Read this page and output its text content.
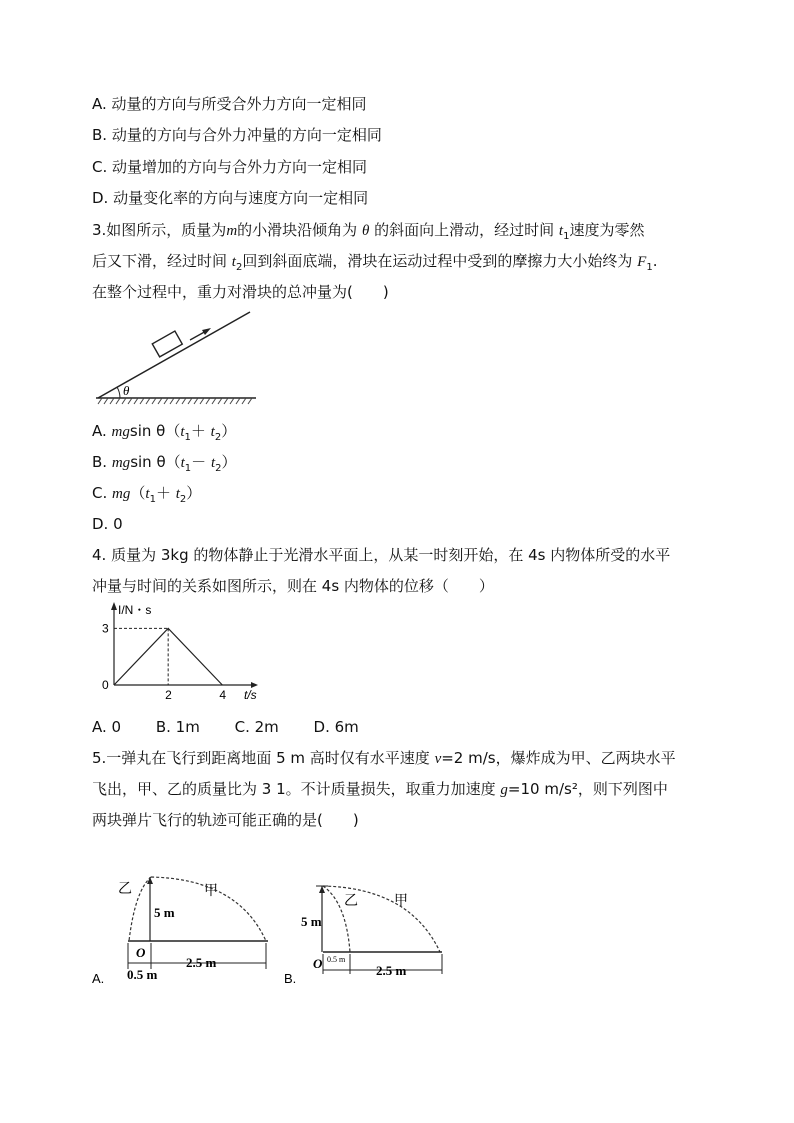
A. 动量的方向与所受合外力方向一定相同
B. 动量的方向与合外力冲量的方向一定相同
C. 动量增加的方向与合外力方向一定相同
D. 动量变化率的方向与速度方向一定相同
3.如图所示，质量为m的小滑块沿倾角为 θ 的斜面向上滑动，经过时间 $t_1$速度为零然
后又下滑，经过时间 $t_2$回到斜面底端，滑块在运动过程中受到的摩擦力大小始终为 $F_1$.
在整个过程中，重力对滑块的总冲量为(　　)
θ
A. mgsin $\theta(t_1+ t_2)$
B. mgsin $\theta(t_1- t_2)$
C. $mg(t_1+ t_2)$
D. 0
4. 质量为 3kg 的物体静止于光滑水平面上，从某一时刻开始，在 4s 内物体所受的水平
冲量与时间的关系如图所示，则在 4s 内物体的位移（　　）
I/N・s
t/s
0
3
2	4
A. 0　 　B. 1m　 　C. 2m　 　D. 6m
5.一弹丸在飞行到距离地面 5 m 高时仅有水平速度 v=2 m/s，爆炸成为甲、乙两块水平
飞出，甲、乙的质量比为 3 1。不计质量损失，取重力加速度 g=10 m/s²，则下列图中
两块弹片飞行的轨迹可能正确的是(　　)
乙	甲
5 m
O
0.5 m
2.5 m
A.
乙	甲
5 m
O 0.5 m
2.5 m
B.
